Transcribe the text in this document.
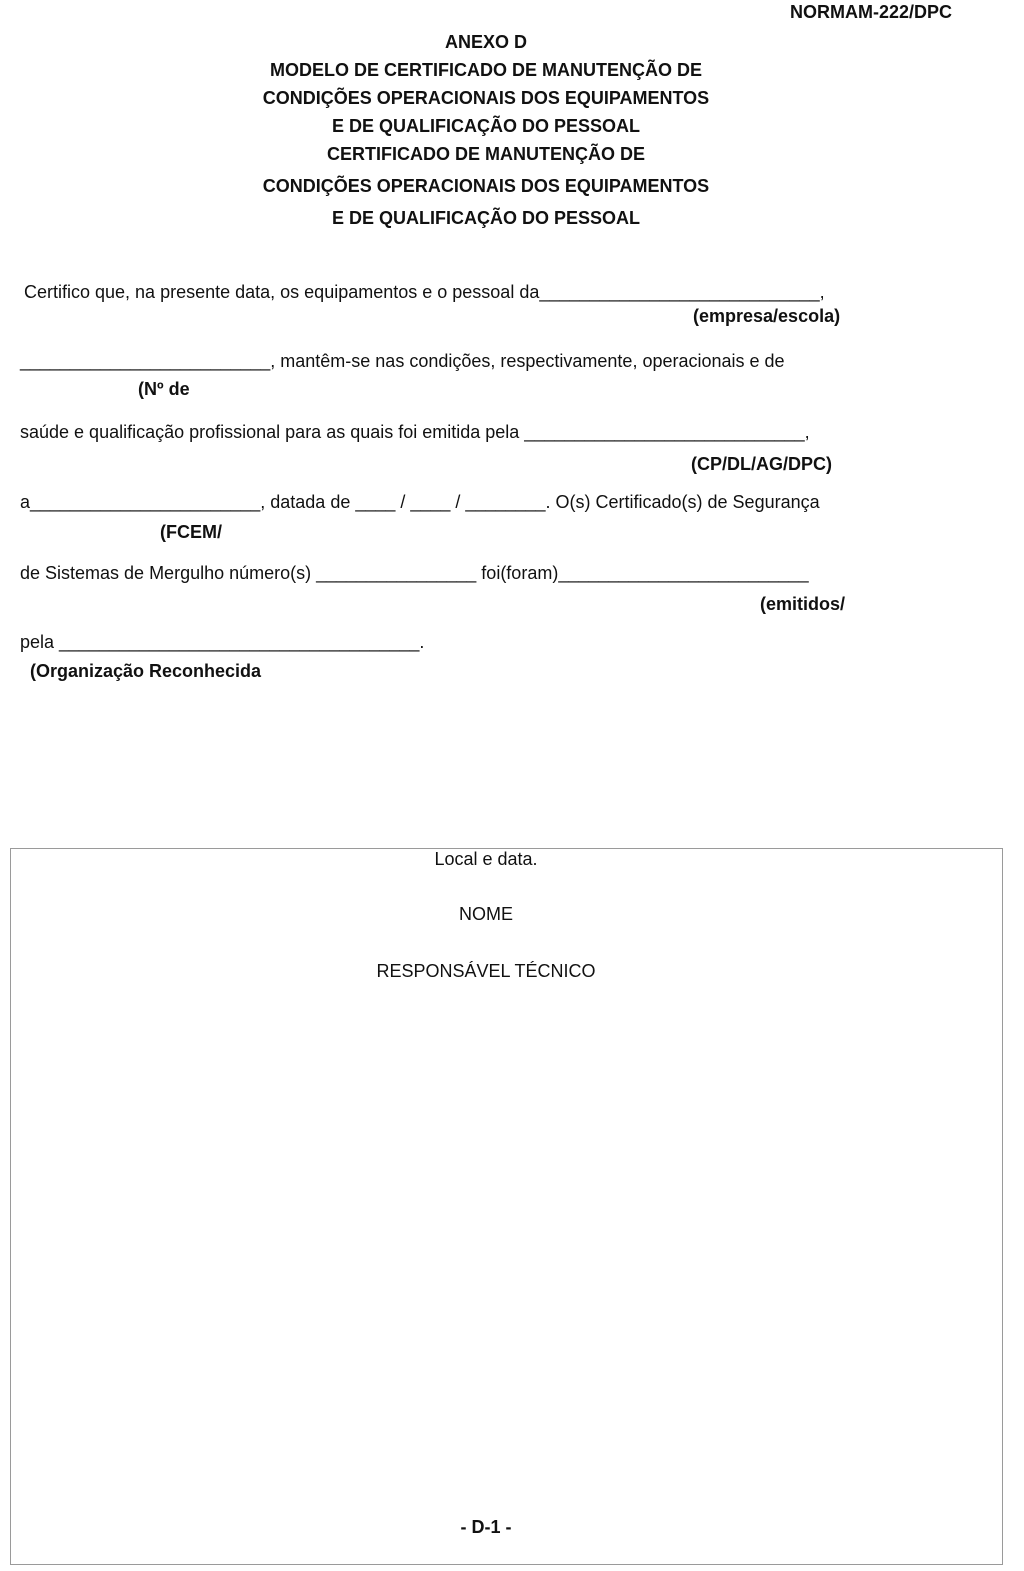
NORMAM-222/DPC
ANEXO D
MODELO DE CERTIFICADO DE MANUTENÇÃO DE
CONDIÇÕES OPERACIONAIS DOS EQUIPAMENTOS
E DE QUALIFICAÇÃO DO PESSOAL
CERTIFICADO DE MANUTENÇÃO DE
CONDIÇÕES OPERACIONAIS DOS EQUIPAMENTOS
E DE QUALIFICAÇÃO DO PESSOAL
Certifico que, na presente data, os equipamentos e o pessoal da____________________________,
(empresa/escola)
_________________________, mantêm-se nas condições, respectivamente, operacionais e de
(Nº de
saúde e qualificação profissional para as quais foi emitida pela ____________________________,
(CP/DL/AG/DPC)
a_______________________, datada de ____ / ____ / ________. O(s) Certificado(s) de Segurança
(FCEM/
de Sistemas de Mergulho número(s) ________________ foi(foram)_________________________
(emitidos/
pela ____________________________________.
(Organização Reconhecida
Local e data.
NOME
RESPONSÁVEL TÉCNICO
- D-1 -
